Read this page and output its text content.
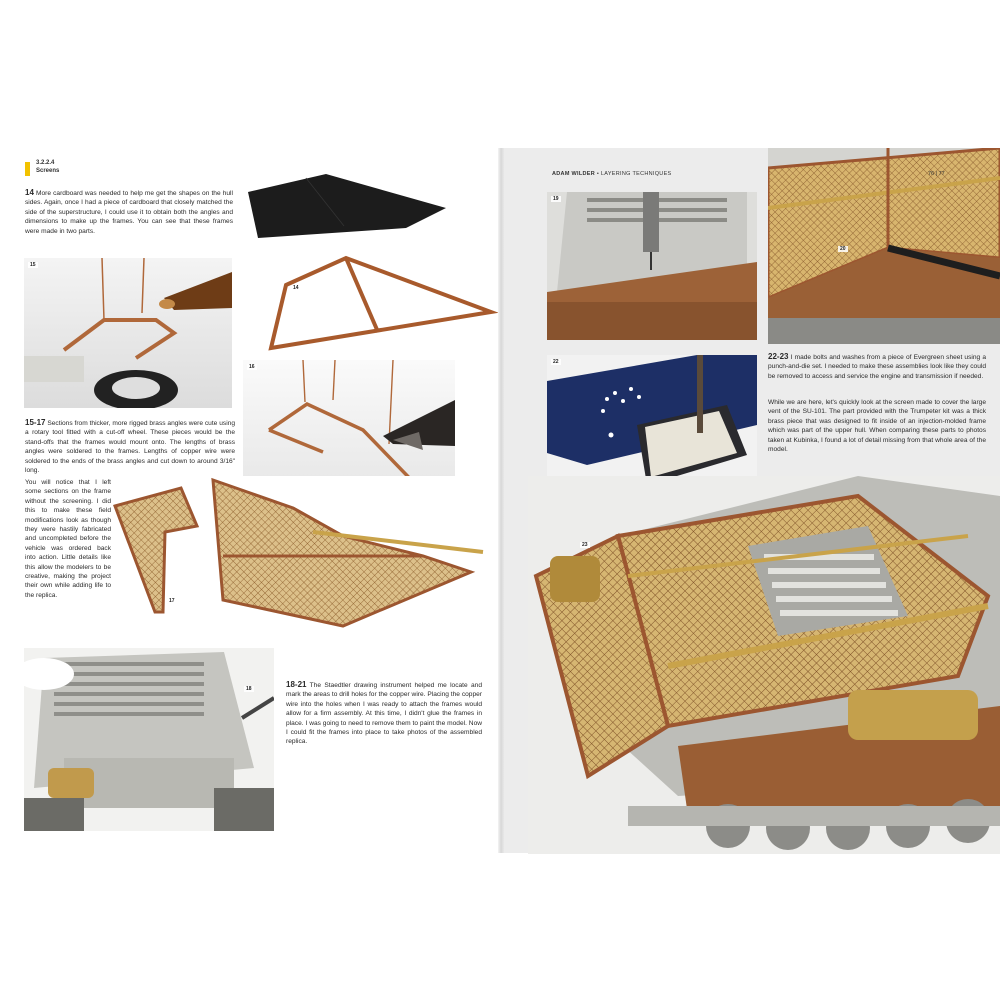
3.2.2.4
Screens
14 More cardboard was needed to help me get the shapes on the hull sides. Again, once I had a piece of cardboard that closely matched the side of the superstructure, I could use it to obtain both the angles and dimensions to make up the frames. You can see that these frames were made in two parts.
14
15
16
15-17 Sections from thicker, more rigged brass angles were cute using a rotary tool fitted with a cut-off wheel. These pieces would be the stand-offs that the frames would mount onto. The lengths of brass angles were soldered to the frames. Lengths of copper wire were soldered to the ends of the brass angles and cut down to around 3/16" long.
You will notice that I left some sections on the frame without the screening. I did this to make these field modifications look as though they were hastily fabricated and uncompleted before the vehicle was ordered back into action. Little details like this allow the modelers to be creative, making the project their own while adding life to the replica.
17
18	18-21 The Staedtler drawing instrument helped me locate and mark the areas to drill holes for the copper wire. Placing the copper wire into the holes when I was ready to attach the frames would allow for a firm assembly. At this time, I didn't glue the frames in place. I was going to need to remove them to paint the model. Now I could fit the frames into place to take photos of the assembled replica.
ADAM WILDER • LAYERING TECHNIQUES
19
20
76 | 77
22
22-23 I made bolts and washes from a piece of Evergreen sheet using a punch-and-die set. I needed to make these assemblies look like they could be removed to access and service the engine and transmission if needed.
While we are here, let's quickly look at the screen made to cover the large vent of the SU-101. The part provided with the Trumpeter kit was a thick brass piece that was designed to fit inside of an injection-molded frame which was part of the upper hull. When comparing these parts to photos taken at Kubinka, I found a lot of detail missing from that whole area of the model.
23
